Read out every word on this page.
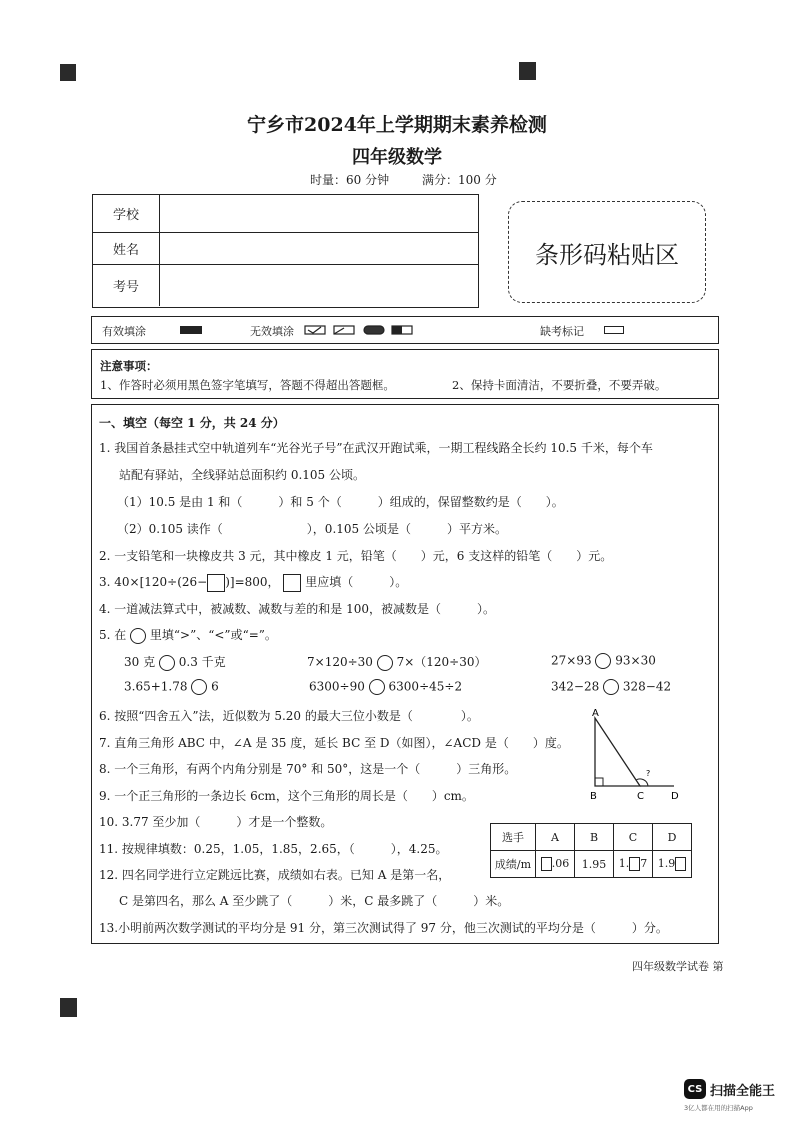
宁乡市2024年上学期期末素养检测
四年级数学
时量：60 分钟	满分：100 分
学校
姓名
考号
条形码粘贴区
有效填涂	无效填涂	缺考标记
注意事项：
1、作答时必须用黑色签字笔填写，答题不得超出答题框。	2、保持卡面清洁，不要折叠，不要弄破。
一、填空（每空 1 分，共 24 分）
1. 我国首条悬挂式空中轨道列车“光谷光子号”在武汉开跑试乘，一期工程线路全长约 10.5 千米，每个车
站配有驿站，全线驿站总面积约 0.105 公顷。
（1）10.5 是由 1 和（　　　）和 5 个（　　　）组成的，保留整数约是（　　）。
（2）0.105 读作（　　　　　　　），0.105 公顷是（　　　）平方米。
2. 一支铅笔和一块橡皮共 3 元，其中橡皮 1 元，铅笔（　　）元，6 支这样的铅笔（　　）元。
3. 40×[120÷(26− )]=800， 里应填（　　　）。
4. 一道减法算式中，被减数、减数与差的和是 100，被减数是（　　　）。
5. 在 里填“>”、“<”或“=”。
30 克 0.3 千克	7×120÷30 7×（120÷30）	27×93 93×30
3.65+1.78 6	6300÷90 6300÷45÷2	342−28 328−42
6. 按照“四舍五入”法，近似数为 5.20 的最大三位小数是（　　　　）。
7. 直角三角形 ABC 中，∠A 是 35 度，延长 BC 至 D（如图），∠ACD 是（　　）度。
8. 一个三角形，有两个内角分别是 70° 和 50°，这是一个（　　　）三角形。
9. 一个正三角形的一条边长 6cm，这个三角形的周长是（　　）cm。
10. 3.77 至少加（　　　）才是一个整数。
11. 按规律填数：0.25，1.05，1.85，2.65，（　　　），4.25。
12. 四名同学进行立定跳远比赛，成绩如右表。已知 A 是第一名，
C 是第四名，那么 A 至少跳了（　　　）米，C 最多跳了（　　　）米。
13.小明前两次数学测试的平均分是 91 分，第三次测试得了 97 分，他三次测试的平均分是（　　　）分。
A
B	C	D
?
选手	A	B	C	D
成绩/m	.06	1.95	1. 7	1.9
四年级数学试卷 第
CS 扫描全能王
3亿人都在用的扫描App
